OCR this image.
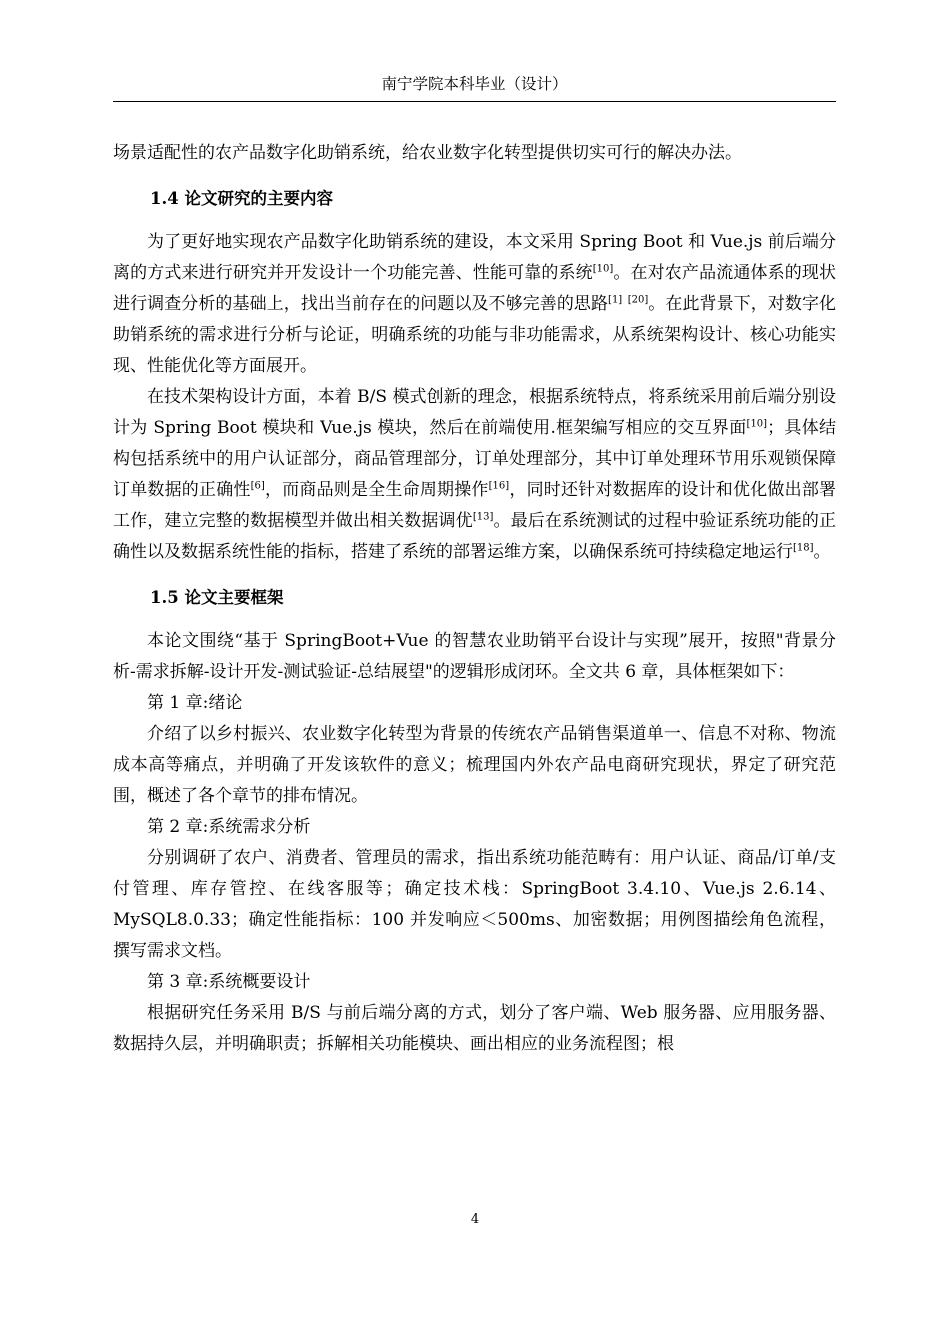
南宁学院本科毕业（设计）

场景适配性的农产品数字化助销系统，给农业数字化转型提供切实可行的解决办法。

1.4 论文研究的主要内容

为了更好地实现农产品数字化助销系统的建设，本文采用 Spring Boot 和 Vue.js 前后端分离的方式来进行研究并开发设计一个功能完善、性能可靠的系统[10]。在对农产品流通体系的现状进行调查分析的基础上，找出当前存在的问题以及不够完善的思路[1] [20]。在此背景下，对数字化助销系统的需求进行分析与论证，明确系统的功能与非功能需求，从系统架构设计、核心功能实现、性能优化等方面展开。

在技术架构设计方面，本着 B/S 模式创新的理念，根据系统特点，将系统采用前后端分别设计为 Spring Boot 模块和 Vue.js 模块，然后在前端使用.框架编写相应的交互界面[10]；具体结构包括系统中的用户认证部分，商品管理部分，订单处理部分，其中订单处理环节用乐观锁保障订单数据的正确性[6]，而商品则是全生命周期操作[16]，同时还针对数据库的设计和优化做出部署工作，建立完整的数据模型并做出相关数据调优[13]。最后在系统测试的过程中验证系统功能的正确性以及数据系统性能的指标，搭建了系统的部署运维方案，以确保系统可持续稳定地运行[18]。

1.5 论文主要框架

本论文围绕“基于 SpringBoot+Vue 的智慧农业助销平台设计与实现”展开，按照"背景分析-需求拆解-设计开发-测试验证-总结展望"的逻辑形成闭环。全文共 6 章，具体框架如下：

第 1 章:绪论

介绍了以乡村振兴、农业数字化转型为背景的传统农产品销售渠道单一、信息不对称、物流成本高等痛点，并明确了开发该软件的意义；梳理国内外农产品电商研究现状，界定了研究范围，概述了各个章节的排布情况。

第 2 章:系统需求分析

分别调研了农户、消费者、管理员的需求，指出系统功能范畴有：用户认证、商品/订单/支付管理、库存管控、在线客服等；确定技术栈：SpringBoot 3.4.10、Vue.js 2.6.14、MySQL8.0.33；确定性能指标：100 并发响应＜500ms、加密数据；用例图描绘角色流程，撰写需求文档。

第 3 章:系统概要设计

根据研究任务采用 B/S 与前后端分离的方式，划分了客户端、Web 服务器、应用服务器、数据持久层，并明确职责；拆解相关功能模块、画出相应的业务流程图；根

4
